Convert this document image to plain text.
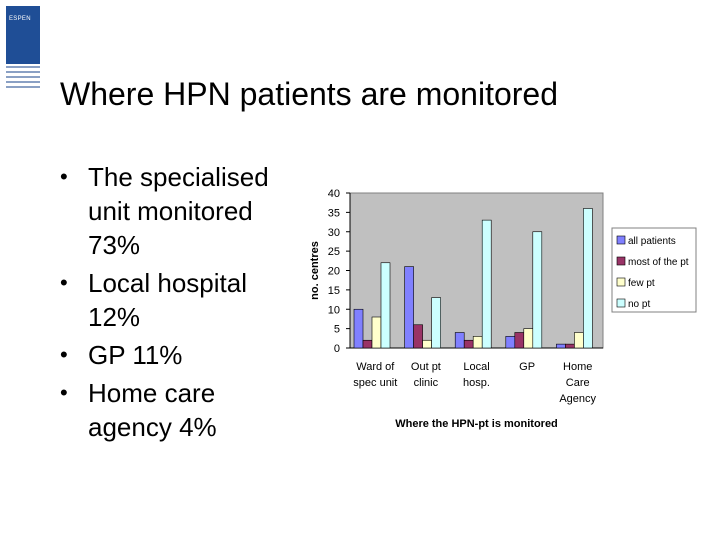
ESPEN
Where HPN patients are monitored
• The specialised unit monitored 73%
• Local hospital 12%
• GP 11%
• Home care agency 4%
0
5
10
15
20
25
30
35
40
no. centres
Ward of
spec unit
Out pt
clinic
Local
hosp.
GP	Home
Care
Agency
Where the HPN-pt is monitored
all patients
most of the pt
few pt
no pt
